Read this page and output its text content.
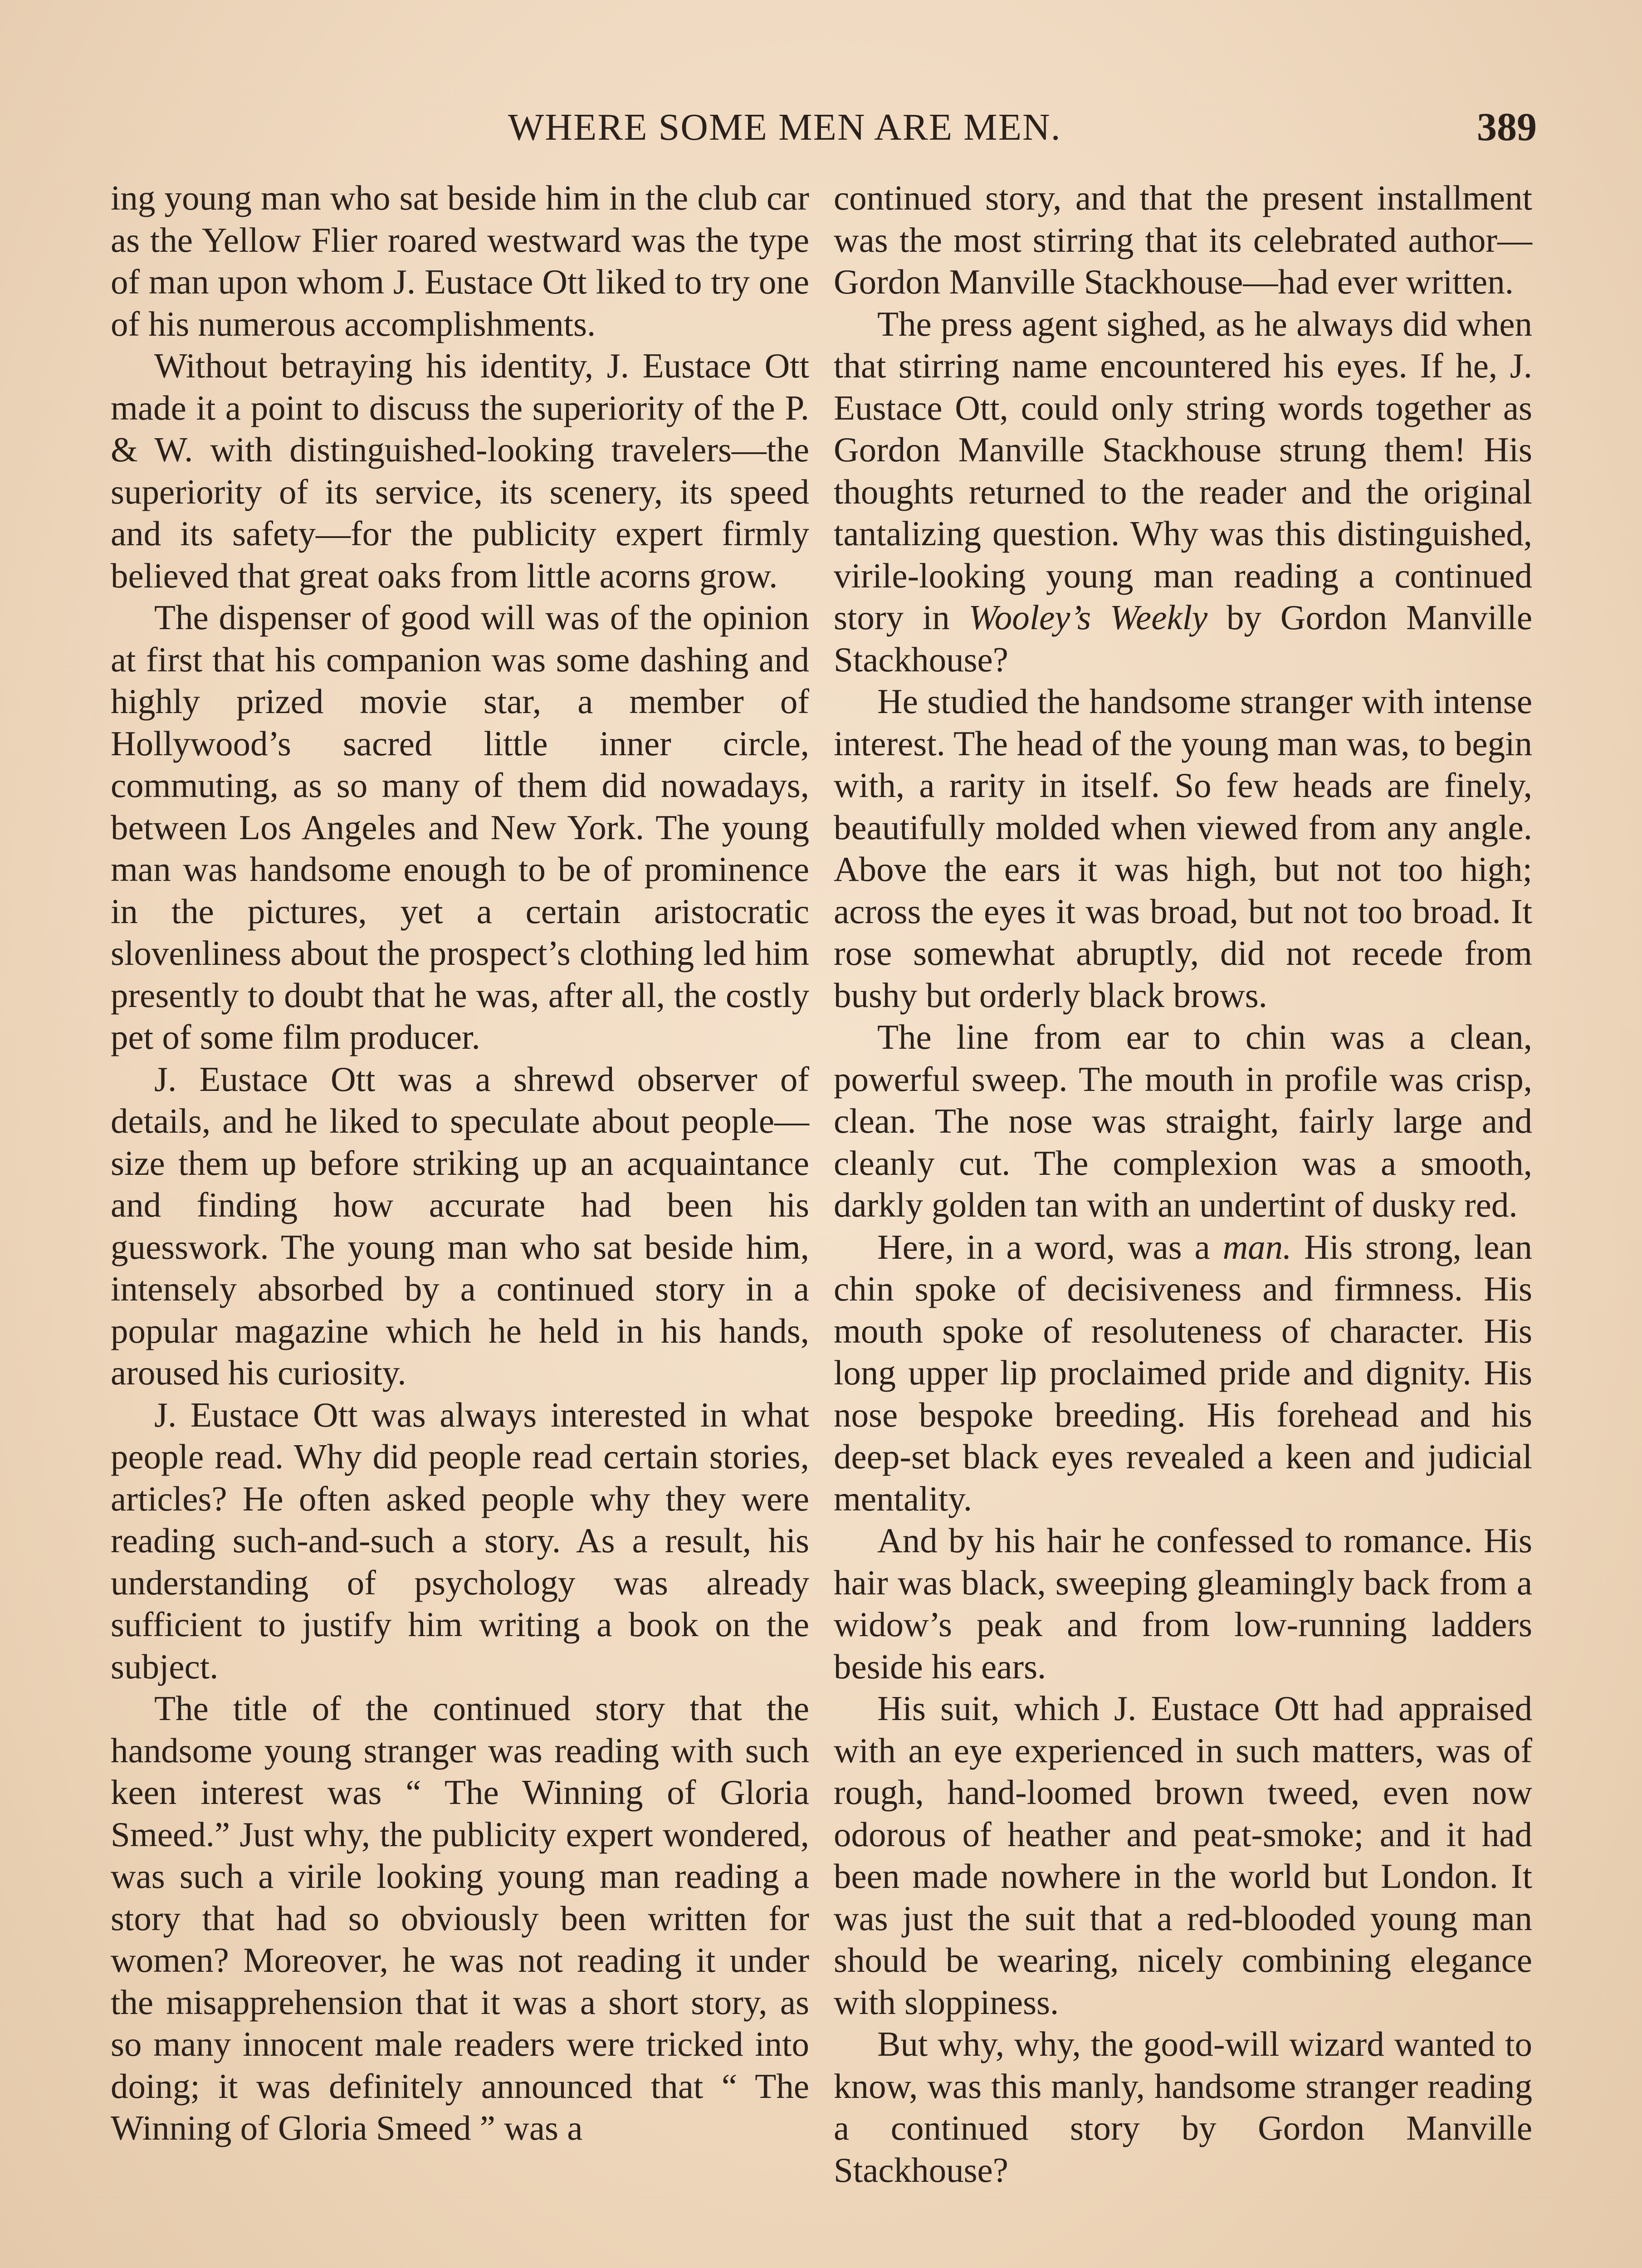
WHERE SOME MEN ARE MEN.	389

ing young man who sat beside him in the club car as the Yellow Flier roared westward was the type of man upon whom J. Eustace Ott liked to try one of his numerous accomplishments.

Without betraying his identity, J. Eustace Ott made it a point to discuss the superiority of the P. & W. with distinguished-looking travelers—the superiority of its service, its scenery, its speed and its safety—for the publicity expert firmly believed that great oaks from little acorns grow.

The dispenser of good will was of the opinion at first that his companion was some dashing and highly prized movie star, a member of Hollywood’s sacred little inner circle, commuting, as so many of them did nowadays, between Los Angeles and New York. The young man was handsome enough to be of prominence in the pictures, yet a certain aristocratic slovenliness about the prospect’s clothing led him presently to doubt that he was, after all, the costly pet of some film producer.

J. Eustace Ott was a shrewd observer of details, and he liked to speculate about people—size them up before striking up an acquaintance and finding how accurate had been his guesswork. The young man who sat beside him, intensely absorbed by a continued story in a popular magazine which he held in his hands, aroused his curiosity.

J. Eustace Ott was always interested in what people read. Why did people read certain stories, articles? He often asked people why they were reading such-and-such a story. As a result, his understanding of psychology was already sufficient to justify him writing a book on the subject.

The title of the continued story that the handsome young stranger was reading with such keen interest was “ The Winning of Gloria Smeed.” Just why, the publicity expert wondered, was such a virile looking young man reading a story that had so obviously been written for women? Moreover, he was not reading it under the misapprehension that it was a short story, as so many innocent male readers were tricked into doing; it was definitely announced that “ The Winning of Gloria Smeed ” was a

continued story, and that the present installment was the most stirring that its celebrated author—Gordon Manville Stackhouse—had ever written.

The press agent sighed, as he always did when that stirring name encountered his eyes. If he, J. Eustace Ott, could only string words together as Gordon Manville Stackhouse strung them! His thoughts returned to the reader and the original tantalizing question. Why was this distinguished, virile-looking young man reading a continued story in Wooley’s Weekly by Gordon Manville Stackhouse?

He studied the handsome stranger with intense interest. The head of the young man was, to begin with, a rarity in itself. So few heads are finely, beautifully molded when viewed from any angle. Above the ears it was high, but not too high; across the eyes it was broad, but not too broad. It rose somewhat abruptly, did not recede from bushy but orderly black brows.

The line from ear to chin was a clean, powerful sweep. The mouth in profile was crisp, clean. The nose was straight, fairly large and cleanly cut. The complexion was a smooth, darkly golden tan with an undertint of dusky red.

Here, in a word, was a man. His strong, lean chin spoke of decisiveness and firmness. His mouth spoke of resoluteness of character. His long upper lip proclaimed pride and dignity. His nose bespoke breeding. His forehead and his deep-set black eyes revealed a keen and judicial mentality.

And by his hair he confessed to romance. His hair was black, sweeping gleamingly back from a widow’s peak and from low-running ladders beside his ears.

His suit, which J. Eustace Ott had appraised with an eye experienced in such matters, was of rough, hand-loomed brown tweed, even now odorous of heather and peat-smoke; and it had been made nowhere in the world but London. It was just the suit that a red-blooded young man should be wearing, nicely combining elegance with sloppiness.

But why, why, the good-will wizard wanted to know, was this manly, handsome stranger reading a continued story by Gordon Manville Stackhouse?
